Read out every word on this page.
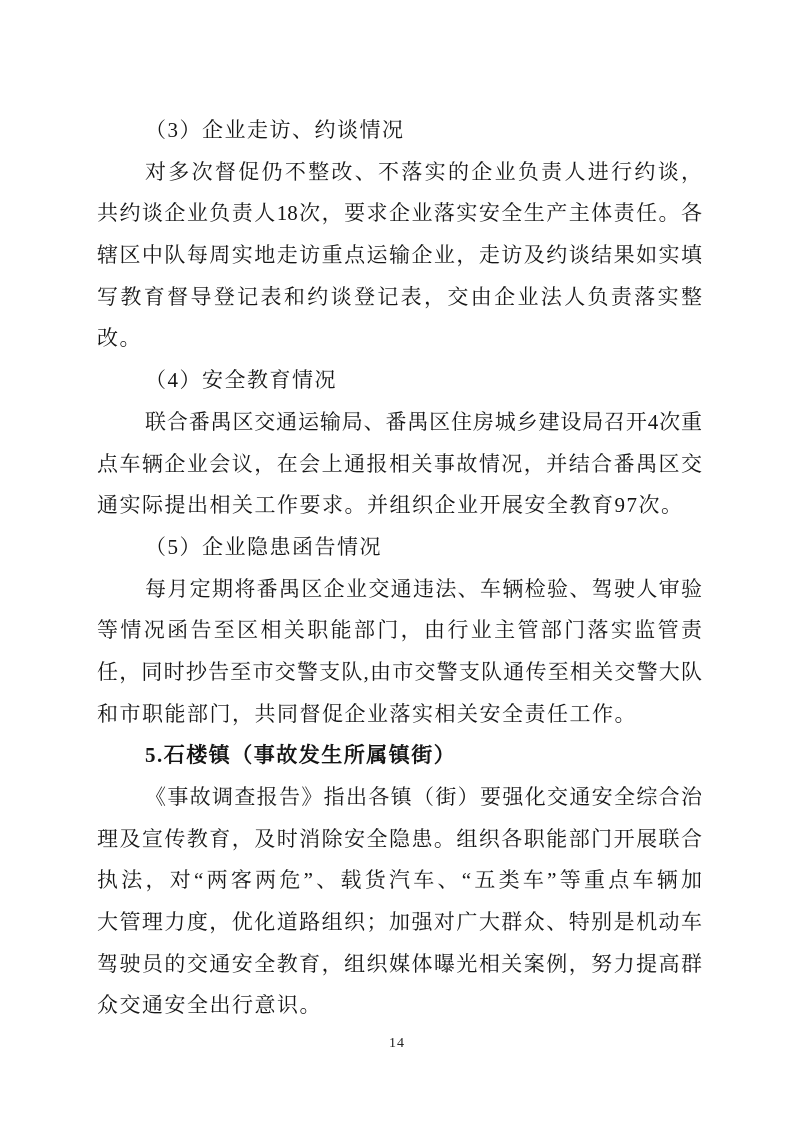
（3）企业走访、约谈情况
对多次督促仍不整改、不落实的企业负责人进行约谈，
共约谈企业负责人18次，要求企业落实安全生产主体责任。各
辖区中队每周实地走访重点运输企业，走访及约谈结果如实填
写教育督导登记表和约谈登记表，交由企业法人负责落实整
改。
（4）安全教育情况
联合番禺区交通运输局、番禺区住房城乡建设局召开4次重
点车辆企业会议，在会上通报相关事故情况，并结合番禺区交
通实际提出相关工作要求。并组织企业开展安全教育97次。
（5）企业隐患函告情况
每月定期将番禺区企业交通违法、车辆检验、驾驶人审验
等情况函告至区相关职能部门，由行业主管部门落实监管责
任，同时抄告至市交警支队,由市交警支队通传至相关交警大队
和市职能部门，共同督促企业落实相关安全责任工作。
5.石楼镇（事故发生所属镇街）
《事故调查报告》指出各镇（街）要强化交通安全综合治
理及宣传教育，及时消除安全隐患。组织各职能部门开展联合
执法，对“两客两危”、载货汽车、“五类车”等重点车辆加
大管理力度，优化道路组织；加强对广大群众、特别是机动车
驾驶员的交通安全教育，组织媒体曝光相关案例，努力提高群
众交通安全出行意识。
14
